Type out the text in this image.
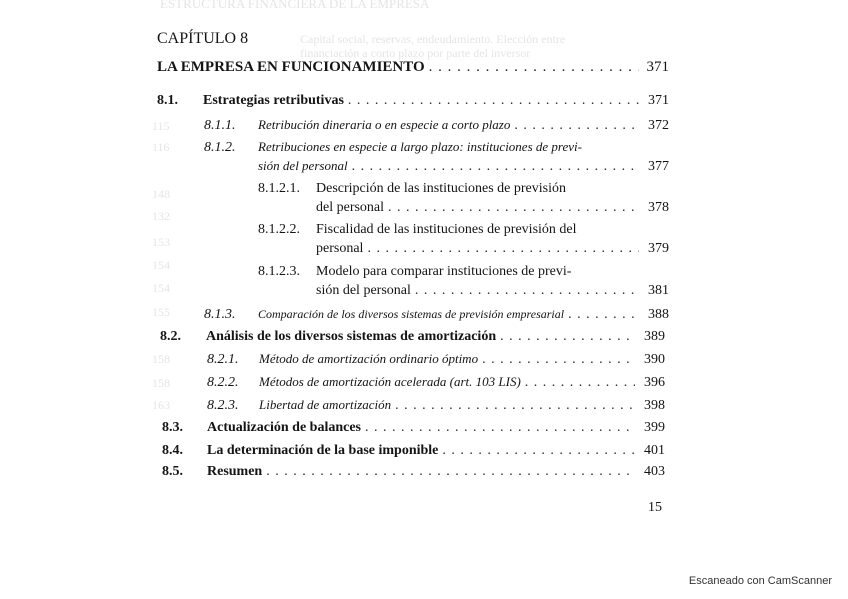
ESTRUCTURA FINANCIERA DE LA EMPRESA
Capital social, reservas, endeudamiento. Elección entre
financiación a corto plazo por parte del inversor
115
116
148
132
153
154
154
155
158
158
163
CAPÍTULO 8
LA EMPRESA EN FUNCIONAMIENTO . . .	371
8.1.	Estrategias retributivas . . .	371
8.1.1.	Retribución dineraria o en especie a corto plazo . . .	372
8.1.2.	Retribuciones en especie a largo plazo: instituciones de previ-
sión del personal . . .	377
8.1.2.1.	Descripción de las instituciones de previsión
del personal . . .	378
8.1.2.2.	Fiscalidad de las instituciones de previsión del
personal . . .	379
8.1.2.3.	Modelo para comparar instituciones de previ-
sión del personal . . .	381
8.1.3.	Comparación de los diversos sistemas de previsión empresarial . . .	388
8.2.	Análisis de los diversos sistemas de amortización . . .	389
8.2.1.	Método de amortización ordinario óptimo . . .	390
8.2.2.	Métodos de amortización acelerada (art. 103 LIS) . . .	396
8.2.3.	Libertad de amortización . . .	398
8.3.	Actualización de balances . . .	399
8.4.	La determinación de la base imponible . . .	401
8.5.	Resumen . . .	403
15
Escaneado con CamScanner
